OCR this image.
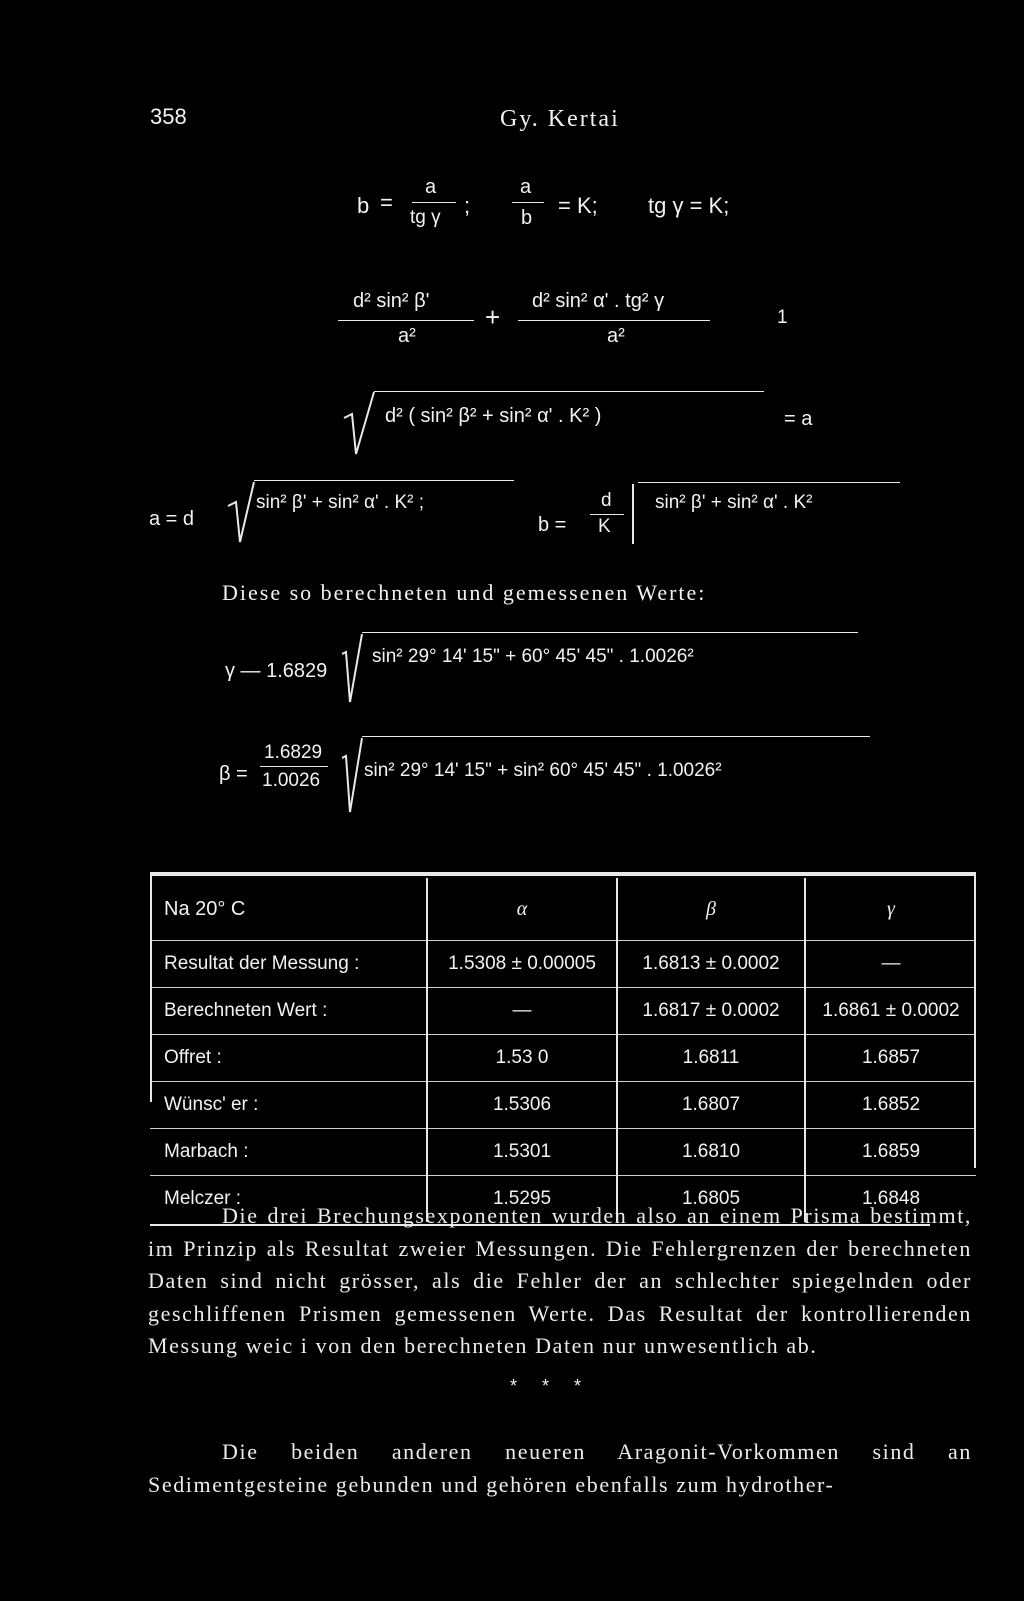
358	Gy. Kertai
b =
a
tg γ ;
a
b = K; tg γ = K;
d² sin² β'
a²
+
d² sin² α' . tg² γ
a²
1
d² ( sin² β² + sin² α' . K² )	= a
a = d
sin² β' + sin² α' . K² ;
b =
d
K
sin² β' + sin² α' . K²
Diese so berechneten und gemessenen Werte:
γ — 1.6829
sin² 29° 14' 15" + 60° 45' 45" . 1.0026²
β =
1.6829
1.0026 sin² 29° 14' 15" + sin² 60° 45' 45" . 1.0026²
Na 20° C	α	β	γ
Resultat der Messung :	1.5308 ± 0.00005	1.6813 ± 0.0002	—
Berechneten Wert :	—	1.6817 ± 0.0002	1.6861 ± 0.0002
Offret :	1.53 0	1.6811	1.6857
Wünsc' er :	1.5306	1.6807	1.6852
Marbach :	1.5301	1.6810	1.6859
Melczer :	1.5295	1.6805	1.6848
Die drei Brechungsexponenten wurden also an einem Prisma bestimmt, im Prinzip als Resultat zweier Messungen. Die Fehlergrenzen der berechneten Daten sind nicht grösser, als die Fehler der an schlechter spiegelnden oder geschliffenen Prismen gemessenen Werte. Das Resultat der kontrollierenden Messung weic i von den berechneten Daten nur unwesentlich ab.
* * *
Die beiden anderen neueren Aragonit-Vorkommen sind an Sedimentgesteine gebunden und gehören ebenfalls zum hydrother-
